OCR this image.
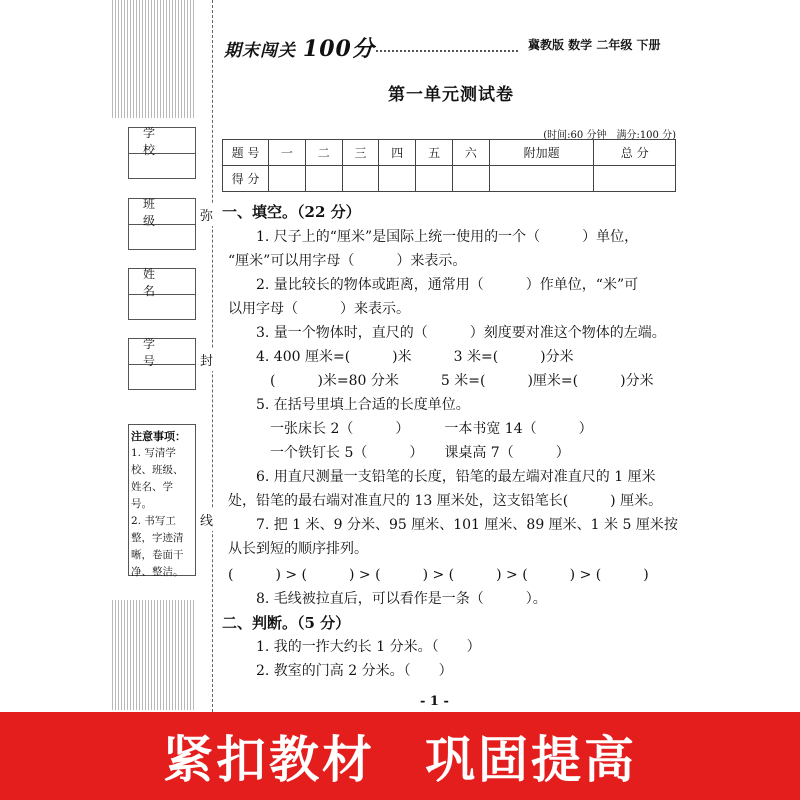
学 校
班 级
姓 名
学 号
注意事项：
1. 写清学校、班级、姓名、学号。
2. 书写工整，字迹清晰，卷面干净、整洁。
弥
封
线
期末闯关 100分	冀教版 数学 二年级 下册
第一单元测试卷
(时间:60 分钟　满分:100 分)
题 号	一	二	三	四	五	六	附加题	总 分
得 分								
一、填空。（22 分）
1. 尺子上的“厘米”是国际上统一使用的一个（　　　）单位，
“厘米”可以用字母（　　　）来表示。
2. 量比较长的物体或距离，通常用（　　　）作单位，“米”可
以用字母（　　　）来表示。
3. 量一个物体时，直尺的（　　　）刻度要对准这个物体的左端。
4. 400 厘米=(　　　)米　　　3 米=(　　　)分米
(　　　)米=80 分米　　　5 米=(　　　)厘米=(　　　)分米
5. 在括号里填上合适的长度单位。
一张床长 2（　　　）　　　一本书宽 14（　　　）
一个铁钉长 5（　　　）　　课桌高 7（　　　）
6. 用直尺测量一支铅笔的长度，铅笔的最左端对准直尺的 1 厘米
处，铅笔的最右端对准直尺的 13 厘米处，这支铅笔长(　　　) 厘米。
7. 把 1 米、9 分米、95 厘米、101 厘米、89 厘米、1 米 5 厘米按
从长到短的顺序排列。
(　　　) > (　　　) > (　　　) > (　　　) > (　　　) > (　　　)
8. 毛线被拉直后，可以看作是一条（　　　）。
二、判断。（5 分）
1. 我的一拃大约长 1 分米。（　　）
2. 教室的门高 2 分米。（　　）
- 1 -
紧扣教材 巩固提高
